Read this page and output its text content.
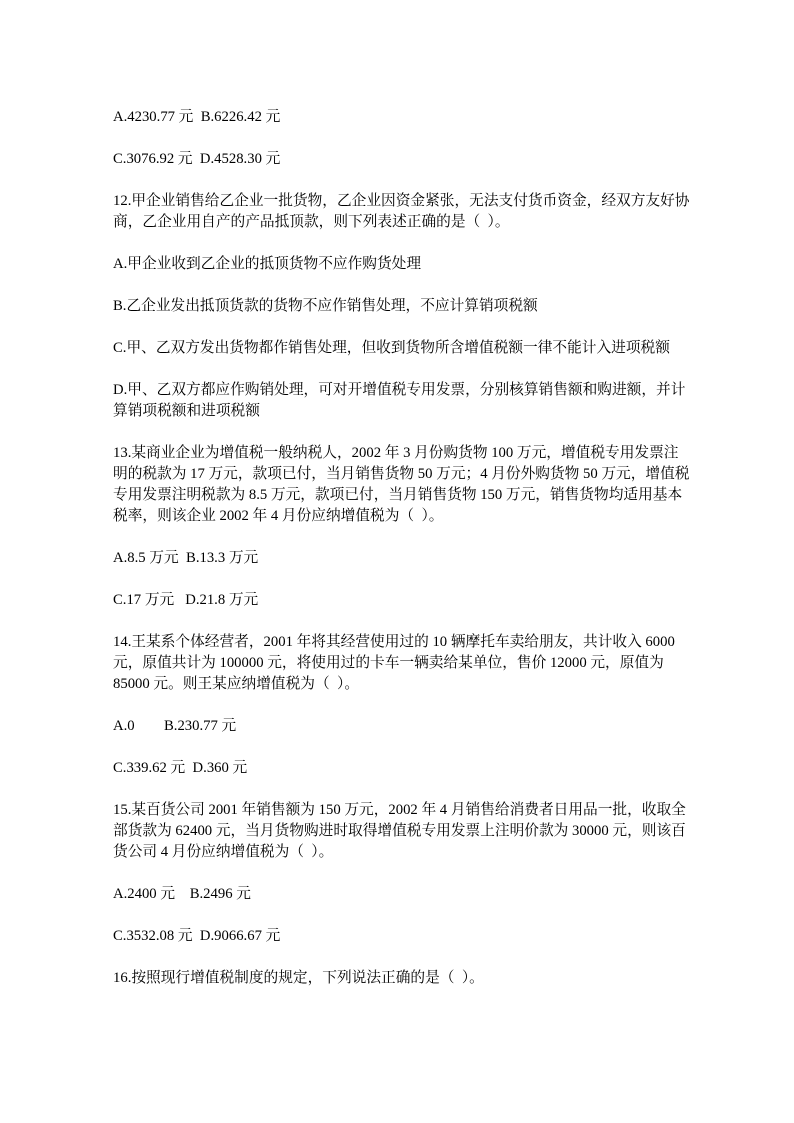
A.4230.77 元  B.6226.42 元
C.3076.92 元  D.4528.30 元
12.甲企业销售给乙企业一批货物，乙企业因资金紧张，无法支付货币资金，经双方友好协
商，乙企业用自产的产品抵顶款，则下列表述正确的是（  ）。
A.甲企业收到乙企业的抵顶货物不应作购货处理
B.乙企业发出抵顶货款的货物不应作销售处理，不应计算销项税额
C.甲、乙双方发出货物都作销售处理，但收到货物所含增值税额一律不能计入进项税额
D.甲、乙双方都应作购销处理，可对开增值税专用发票，分别核算销售额和购进额，并计
算销项税额和进项税额
13.某商业企业为增值税一般纳税人，2002 年 3 月份购货物 100 万元，增值税专用发票注
明的税款为 17 万元，款项已付，当月销售货物 50 万元；4 月份外购货物 50 万元，增值税
专用发票注明税款为 8.5 万元，款项已付，当月销售货物 150 万元，销售货物均适用基本
税率，则该企业 2002 年 4 月份应纳增值税为（  ）。
A.8.5 万元  B.13.3 万元
C.17 万元   D.21.8 万元
14.王某系个体经营者，2001 年将其经营使用过的 10 辆摩托车卖给朋友，共计收入 6000
元，原值共计为 100000 元，将使用过的卡车一辆卖给某单位，售价 12000 元，原值为
85000 元。则王某应纳增值税为（  ）。
A.0        B.230.77 元
C.339.62 元  D.360 元
15.某百货公司 2001 年销售额为 150 万元，2002 年 4 月销售给消费者日用品一批，收取全
部货款为 62400 元，当月货物购进时取得增值税专用发票上注明价款为 30000 元，则该百
货公司 4 月份应纳增值税为（  ）。
A.2400 元    B.2496 元
C.3532.08 元  D.9066.67 元
16.按照现行增值税制度的规定，下列说法正确的是（  ）。
